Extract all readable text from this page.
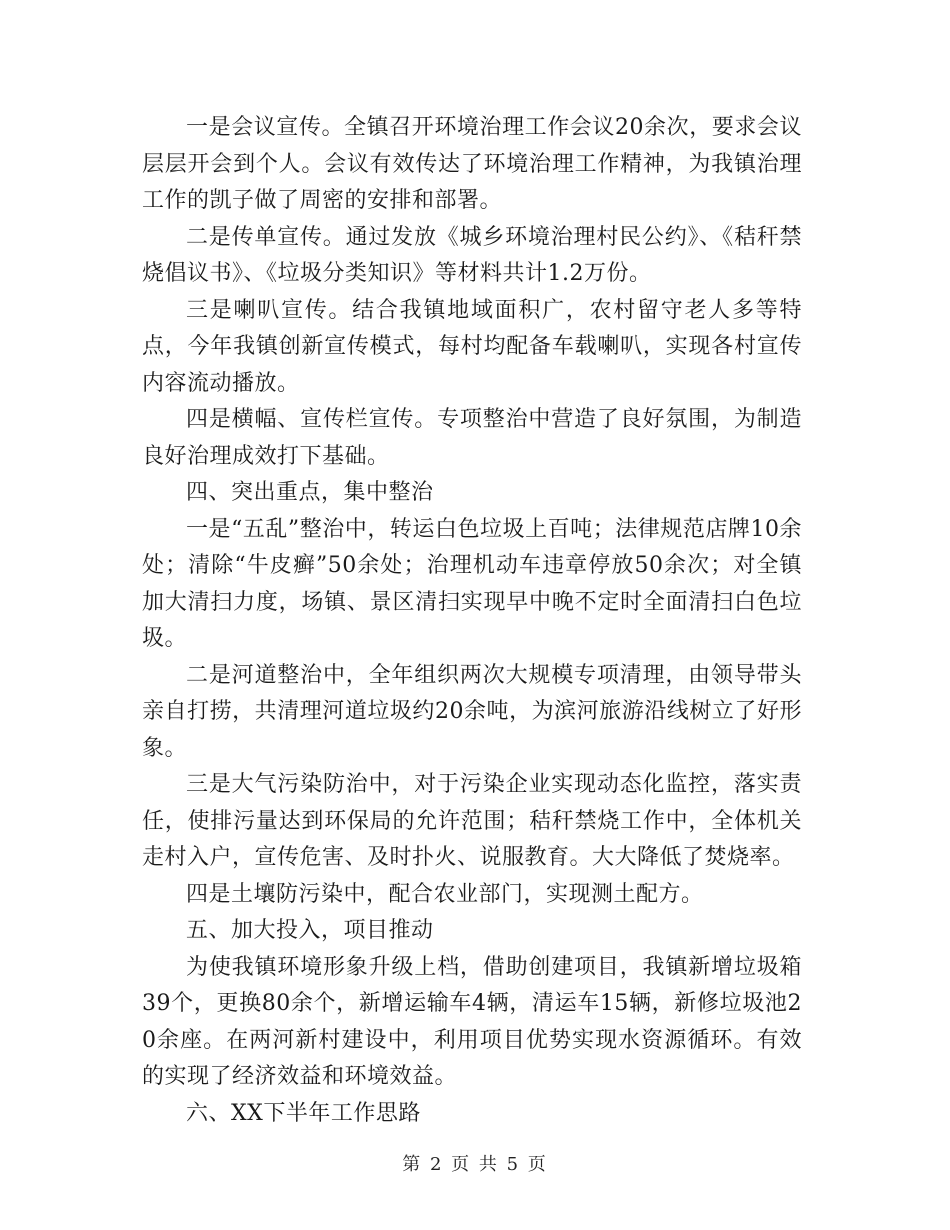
一是会议宣传。全镇召开环境治理工作会议20余次，要求会议层层开会到个人。会议有效传达了环境治理工作精神，为我镇治理工作的凯子做了周密的安排和部署。

二是传单宣传。通过发放《城乡环境治理村民公约》、《秸秆禁烧倡议书》、《垃圾分类知识》等材料共计1.2万份。

三是喇叭宣传。结合我镇地域面积广，农村留守老人多等特点，今年我镇创新宣传模式，每村均配备车载喇叭，实现各村宣传内容流动播放。

四是横幅、宣传栏宣传。专项整治中营造了良好氛围，为制造良好治理成效打下基础。

四、突出重点，集中整治

一是“五乱”整治中，转运白色垃圾上百吨；法律规范店牌10余处；清除“牛皮癣”50余处；治理机动车违章停放50余次；对全镇加大清扫力度，场镇、景区清扫实现早中晚不定时全面清扫白色垃圾。

二是河道整治中，全年组织两次大规模专项清理，由领导带头亲自打捞，共清理河道垃圾约20余吨，为滨河旅游沿线树立了好形象。

三是大气污染防治中，对于污染企业实现动态化监控，落实责任，使排污量达到环保局的允许范围；秸秆禁烧工作中，全体机关走村入户，宣传危害、及时扑火、说服教育。大大降低了焚烧率。

四是土壤防污染中，配合农业部门，实现测土配方。

五、加大投入，项目推动

为使我镇环境形象升级上档，借助创建项目，我镇新增垃圾箱39个，更换80余个，新增运输车4辆，清运车15辆，新修垃圾池20余座。在两河新村建设中，利用项目优势实现水资源循环。有效的实现了经济效益和环境效益。

六、XX下半年工作思路

第 2 页 共 5 页
